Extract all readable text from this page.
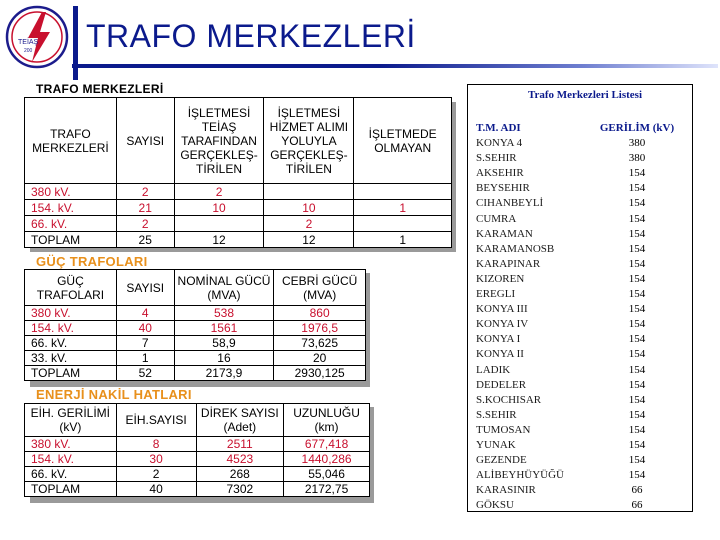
TEİAŞ
200 TRAFO MERKEZLERİ
TRAFO MERKEZLERİ
TRAFO MERKEZLERİ	SAYISI	İŞLETMESİ TEİAŞ TARAFINDAN GERÇEKLEŞ-TİRİLEN	İŞLETMESİ HİZMET ALIMI YOLUYLA GERÇEKLEŞ-TİRİLEN	İŞLETMEDE OLMAYAN
380 kV.	2	2		
154. kV.	21	10	10	1
66. kV.	2		2	
TOPLAM	25	12	12	1
GÜÇ TRAFOLARI
GÜÇ TRAFOLARI	SAYISI	NOMİNAL GÜCÜ (MVA)	CEBRİ GÜCÜ (MVA)
380 kV.	4	538	860
154. kV.	40	1561	1976,5
66. kV.	7	58,9	73,625
33. kV.	1	16	20
TOPLAM	52	2173,9	2930,125
ENERJİ NAKİL HATLARI
EİH. GERİLİMİ (kV)	EİH.SAYISI	DİREK SAYISI (Adet)	UZUNLUĞU (km)
380 kV.	8	2511	677,418
154. kV.	30	4523	1440,286
66. kV.	2	268	55,046
TOPLAM	40	7302	2172,75
Trafo Merkezleri Listesi
T.M. ADI	GERİLİM (kV)
KONYA 4	380
S.SEHIR	380
AKSEHIR	154
BEYSEHIR	154
CIHANBEYLİ	154
CUMRA	154
KARAMAN	154
KARAMANOSB	154
KARAPINAR	154
KIZOREN	154
EREGLI	154
KONYA III	154
KONYA IV	154
KONYA I	154
KONYA II	154
LADIK	154
DEDELER	154
S.KOCHISAR	154
S.SEHIR	154
TUMOSAN	154
YUNAK	154
GEZENDE	154
ALİBEYHÜYÜĞÜ	154
KARASINIR	66
GÖKSU	66
